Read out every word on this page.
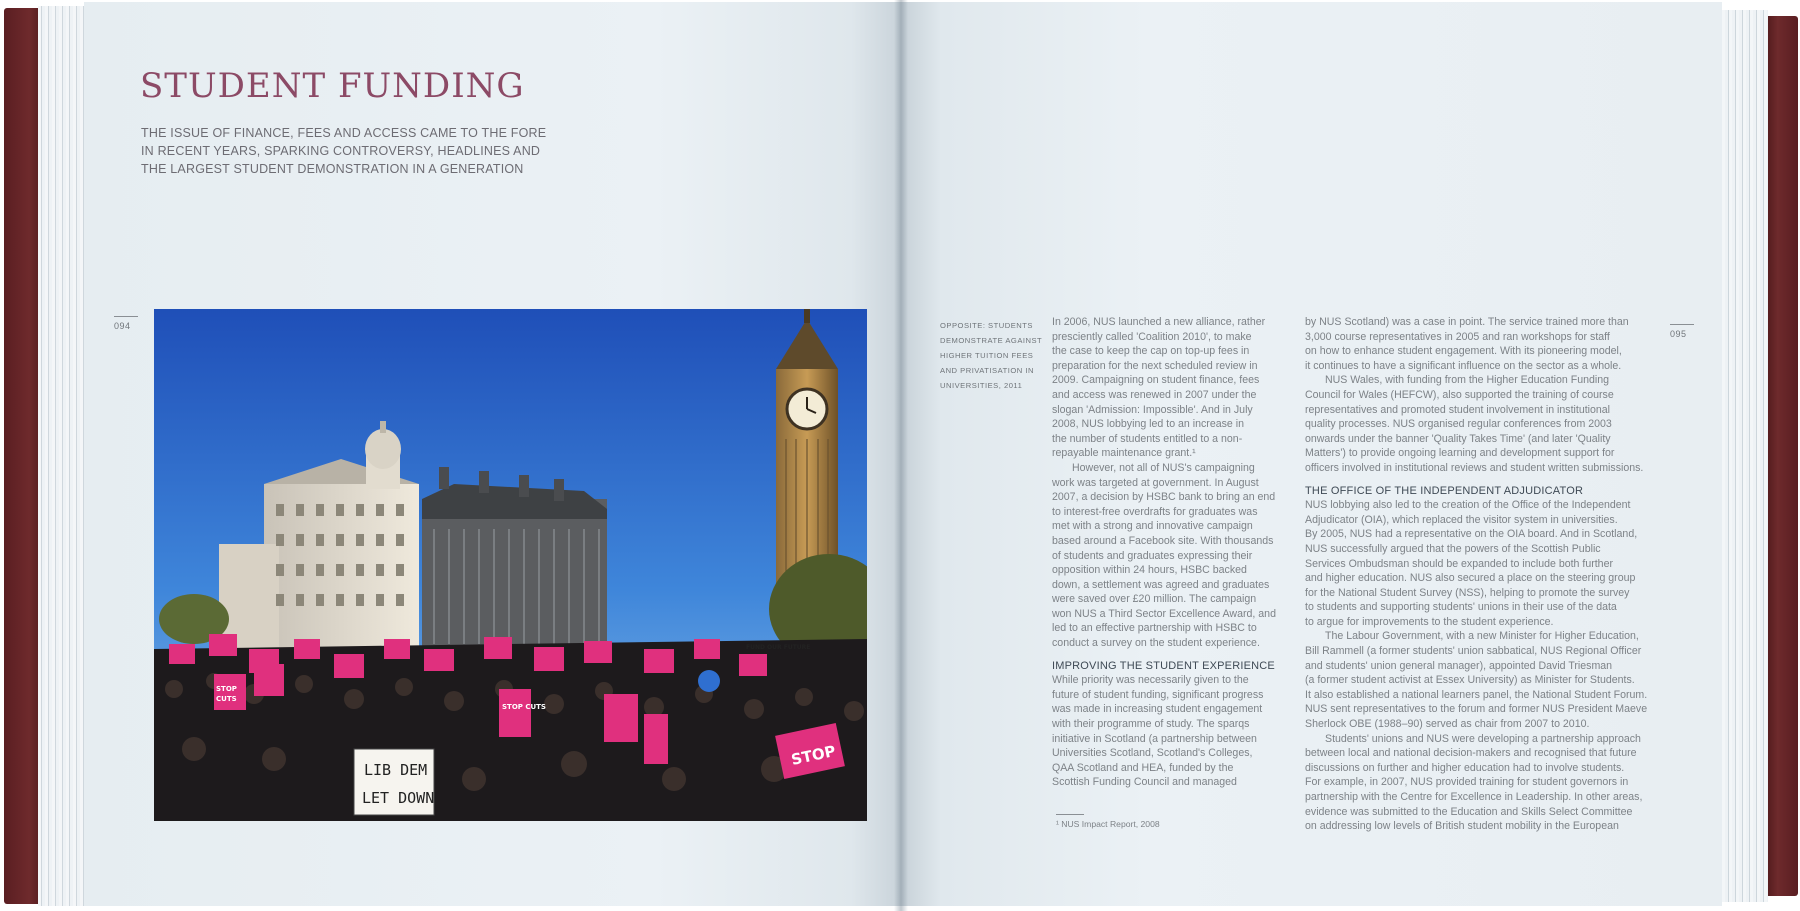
STUDENT FUNDING
THE ISSUE OF FINANCE, FEES AND ACCESS CAME TO THE FORE
IN RECENT YEARS, SPARKING CONTROVERSY, HEADLINES AND
THE LARGEST STUDENT DEMONSTRATION IN A GENERATION
094
STOP
LIB DEM
LET DOWN
STOP
CUTS
STOP CUTS
FUND OUR FUTURE
OPPOSITE: STUDENTS
DEMONSTRATE AGAINST
HIGHER TUITION FEES
AND PRIVATISATION IN
UNIVERSITIES, 2011
In 2006, NUS launched a new alliance, rather
presciently called 'Coalition 2010', to make
the case to keep the cap on top-up fees in
preparation for the next scheduled review in
2009. Campaigning on student finance, fees
and access was renewed in 2007 under the
slogan 'Admission: Impossible'. And in July
2008, NUS lobbying led to an increase in
the number of students entitled to a non-
repayable maintenance grant.¹
However, not all of NUS's campaigning
work was targeted at government. In August
2007, a decision by HSBC bank to bring an end
to interest-free overdrafts for graduates was
met with a strong and innovative campaign
based around a Facebook site. With thousands
of students and graduates expressing their
opposition within 24 hours, HSBC backed
down, a settlement was agreed and graduates
were saved over £20 million. The campaign
won NUS a Third Sector Excellence Award, and
led to an effective partnership with HSBC to
conduct a survey on the student experience.
IMPROVING THE STUDENT EXPERIENCE
While priority was necessarily given to the
future of student funding, significant progress
was made in increasing student engagement
with their programme of study. The sparqs
initiative in Scotland (a partnership between
Universities Scotland, Scotland's Colleges,
QAA Scotland and HEA, funded by the
Scottish Funding Council and managed
by NUS Scotland) was a case in point. The service trained more than
3,000 course representatives in 2005 and ran workshops for staff
on how to enhance student engagement. With its pioneering model,
it continues to have a significant influence on the sector as a whole.
NUS Wales, with funding from the Higher Education Funding
Council for Wales (HEFCW), also supported the training of course
representatives and promoted student involvement in institutional
quality processes. NUS organised regular conferences from 2003
onwards under the banner 'Quality Takes Time' (and later 'Quality
Matters') to provide ongoing learning and development support for
officers involved in institutional reviews and student written submissions.
THE OFFICE OF THE INDEPENDENT ADJUDICATOR
NUS lobbying also led to the creation of the Office of the Independent
Adjudicator (OIA), which replaced the visitor system in universities.
By 2005, NUS had a representative on the OIA board. And in Scotland,
NUS successfully argued that the powers of the Scottish Public
Services Ombudsman should be expanded to include both further
and higher education. NUS also secured a place on the steering group
for the National Student Survey (NSS), helping to promote the survey
to students and supporting students' unions in their use of the data
to argue for improvements to the student experience.
The Labour Government, with a new Minister for Higher Education,
Bill Rammell (a former students' union sabbatical, NUS Regional Officer
and students' union general manager), appointed David Triesman
(a former student activist at Essex University) as Minister for Students.
It also established a national learners panel, the National Student Forum.
NUS sent representatives to the forum and former NUS President Maeve
Sherlock OBE (1988–90) served as chair from 2007 to 2010.
Students' unions and NUS were developing a partnership approach
between local and national decision-makers and recognised that future
discussions on further and higher education had to involve students.
For example, in 2007, NUS provided training for student governors in
partnership with the Centre for Excellence in Leadership. In other areas,
evidence was submitted to the Education and Skills Select Committee
on addressing low levels of British student mobility in the European
095
¹ NUS Impact Report, 2008
